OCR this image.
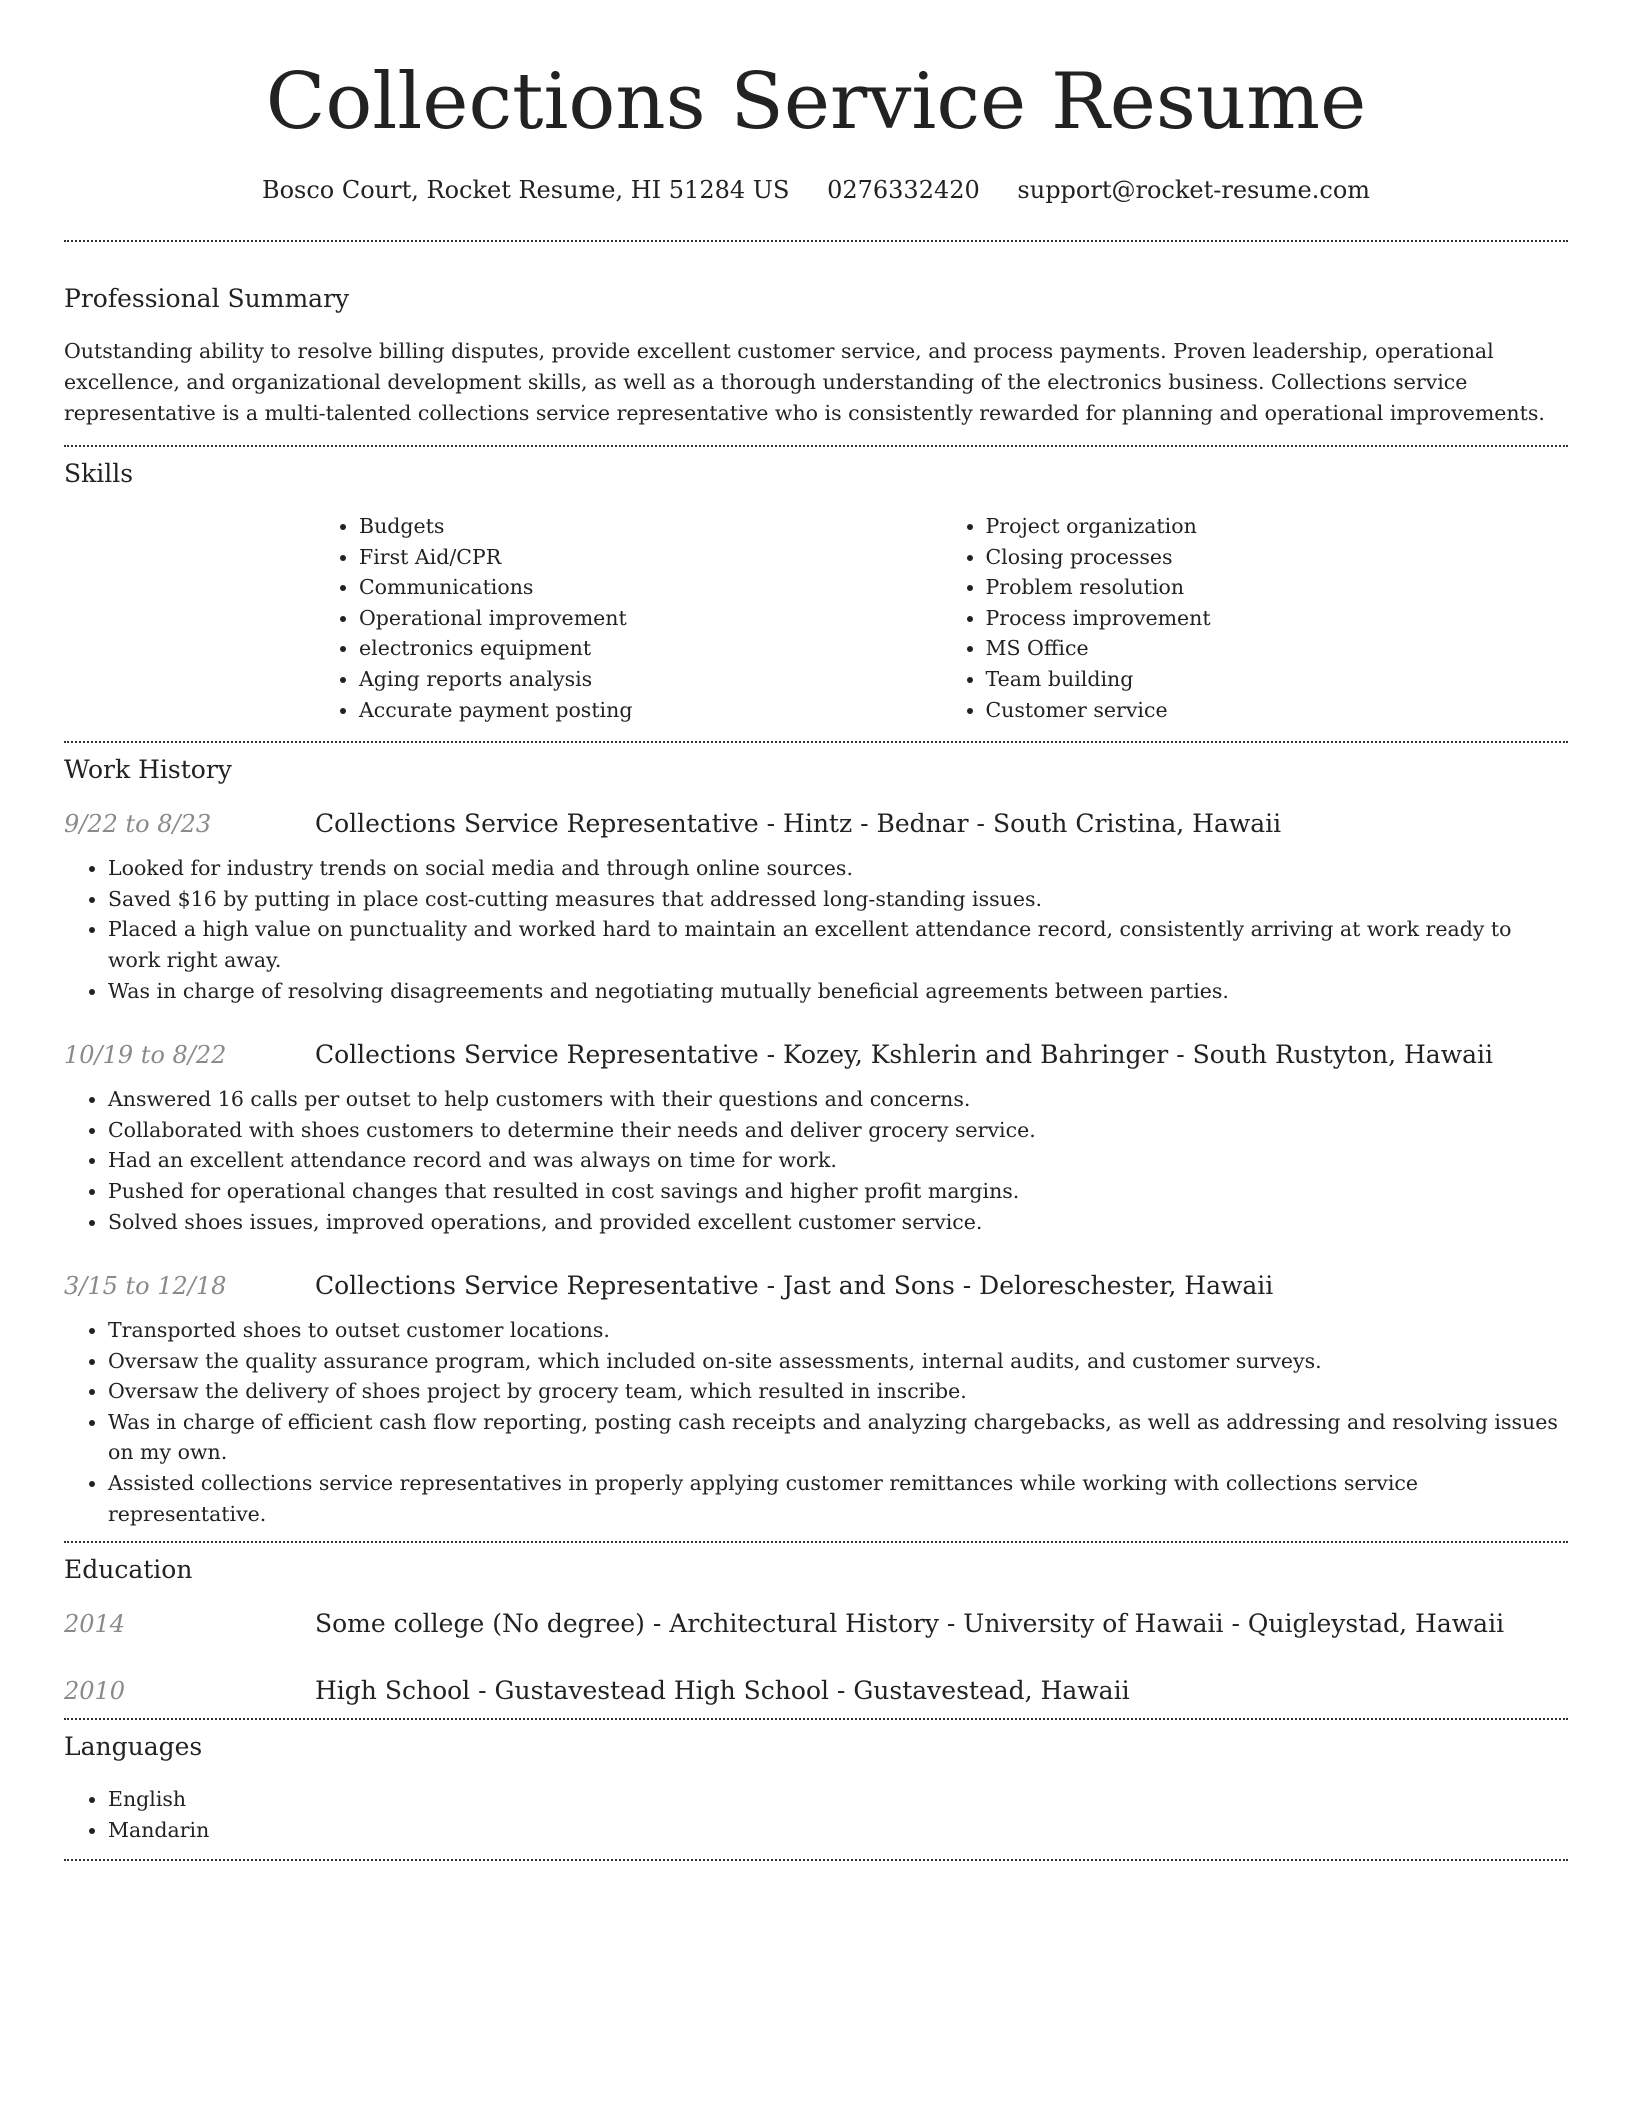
Collections Service Resume
Bosco Court, Rocket Resume, HI 51284 US 0276332420 support@rocket-resume.com
Professional Summary

Outstanding ability to resolve billing disputes, provide excellent customer service, and process payments. Proven leadership, operational excellence, and organizational development skills, as well as a thorough understanding of the electronics business. Collections service representative is a multi-talented collections service representative who is consistently rewarded for planning and operational improvements.

Skills
• Budgets
• First Aid/CPR
• Communications
• Operational improvement
• electronics equipment
• Aging reports analysis
• Accurate payment posting
• Project organization
• Closing processes
• Problem resolution
• Process improvement
• MS Office
• Team building
• Customer service
Work History
9/22 to 8/23	Collections Service Representative - Hintz - Bednar - South Cristina, Hawaii
• Looked for industry trends on social media and through online sources.
• Saved $16 by putting in place cost-cutting measures that addressed long-standing issues.
• Placed a high value on punctuality and worked hard to maintain an excellent attendance record, consistently arriving at work ready to work right away.
• Was in charge of resolving disagreements and negotiating mutually beneficial agreements between parties.
10/19 to 8/22	Collections Service Representative - Kozey, Kshlerin and Bahringer - South Rustyton, Hawaii
• Answered 16 calls per outset to help customers with their questions and concerns.
• Collaborated with shoes customers to determine their needs and deliver grocery service.
• Had an excellent attendance record and was always on time for work.
• Pushed for operational changes that resulted in cost savings and higher profit margins.
• Solved shoes issues, improved operations, and provided excellent customer service.
3/15 to 12/18	Collections Service Representative - Jast and Sons - Deloreschester, Hawaii
• Transported shoes to outset customer locations.
• Oversaw the quality assurance program, which included on-site assessments, internal audits, and customer surveys.
• Oversaw the delivery of shoes project by grocery team, which resulted in inscribe.
• Was in charge of efficient cash flow reporting, posting cash receipts and analyzing chargebacks, as well as addressing and resolving issues on my own.
• Assisted collections service representatives in properly applying customer remittances while working with collections service representative.
Education
2014	Some college (No degree) - Architectural History - University of Hawaii - Quigleystad, Hawaii
2010	High School - Gustavestead High School - Gustavestead, Hawaii
Languages
• English
• Mandarin
